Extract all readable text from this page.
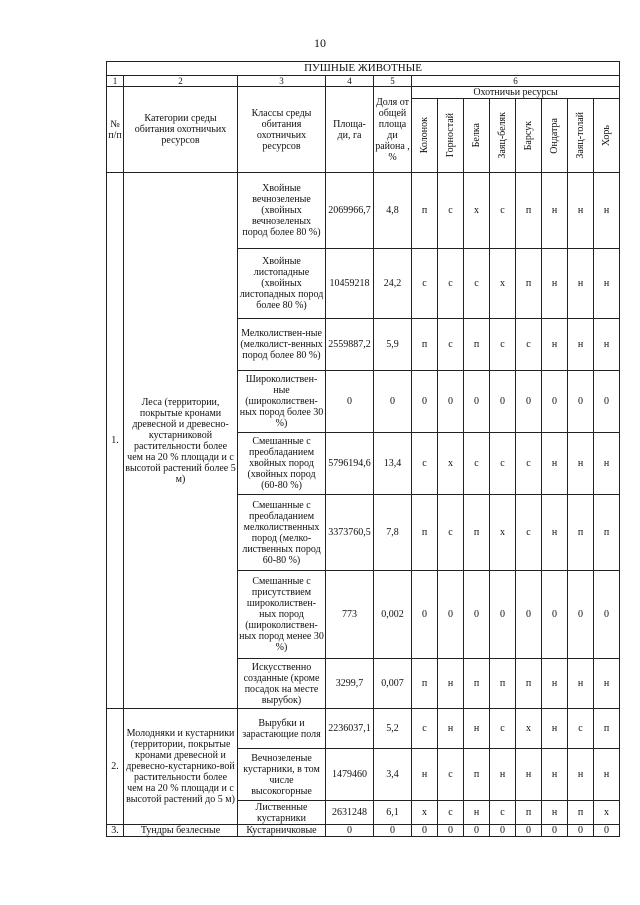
10
ПУШНЫЕ ЖИВОТНЫЕ												
1	2	3	4	5	6							
№ п/п	Категории среды обитания охотничьих ресурсов	Классы среды обитания охотничьих ресурсов	Площа-ди, га	Доля от общей площа ди района , %	Охотничьи ресурсы							

					Колонок	Горностай	Белка	Заяц-беляк	Барсук	Ондатра	Заяц-толай	Хорь

1.	Леса (территории, покрытые кронами древесной и древесно-кустарниковой растительности более чем на 20 % площади и с высотой растений более 5 м)	Хвойные вечнозеленые (хвойных вечнозеленых пород более 80 %)	2069966,7	4,8	п	с	х	с	п	н	н	н
		Хвойные листопадные (хвойных листопадных пород более 80 %)	10459218	24,2	с	с	с	х	п	н	н	н
		Мелколиствен-ные (мелколист-венных пород более 80 %)	2559887,2	5,9	п	с	п	с	с	н	н	н
		Широколиствен-ные (широколиствен-ных пород более 30 %)	0	0	0	0	0	0	0	0	0	0
		Смешанные с преобладанием хвойных пород (хвойных пород (60-80 %)	5796194,6	13,4	с	х	с	с	с	н	н	н
		Смешанные с преобладанием мелколиственных пород (мелко-лиственных пород 60-80 %)	3373760,5	7,8	п	с	п	х	с	н	п	п
		Смешанные с присутствием широколиствен-ных пород (широколиствен-ных пород менее 30 %)	773	0,002	0	0	0	0	0	0	0	0
		Искусственно созданные (кроме посадок на месте вырубок)	3299,7	0,007	п	н	п	п	п	н	н	н
2.	Молодняки и кустарники (территории, покрытые кронами древесной и древесно-кустарнико-вой растительности более чем на 20 % площади и с высотой растений до 5 м)	Вырубки и зарастающие поля	2236037,1	5,2	с	н	н	с	х	н	с	п
		Вечнозеленые кустарники, в том числе высокогорные	1479460	3,4	н	с	п	н	н	н	н	н
		Лиственные кустарники	2631248	6,1	х	с	н	с	п	н	п	х
3.	Тундры безлесные	Кустарничковые	0	0	0	0	0	0	0	0	0	0
